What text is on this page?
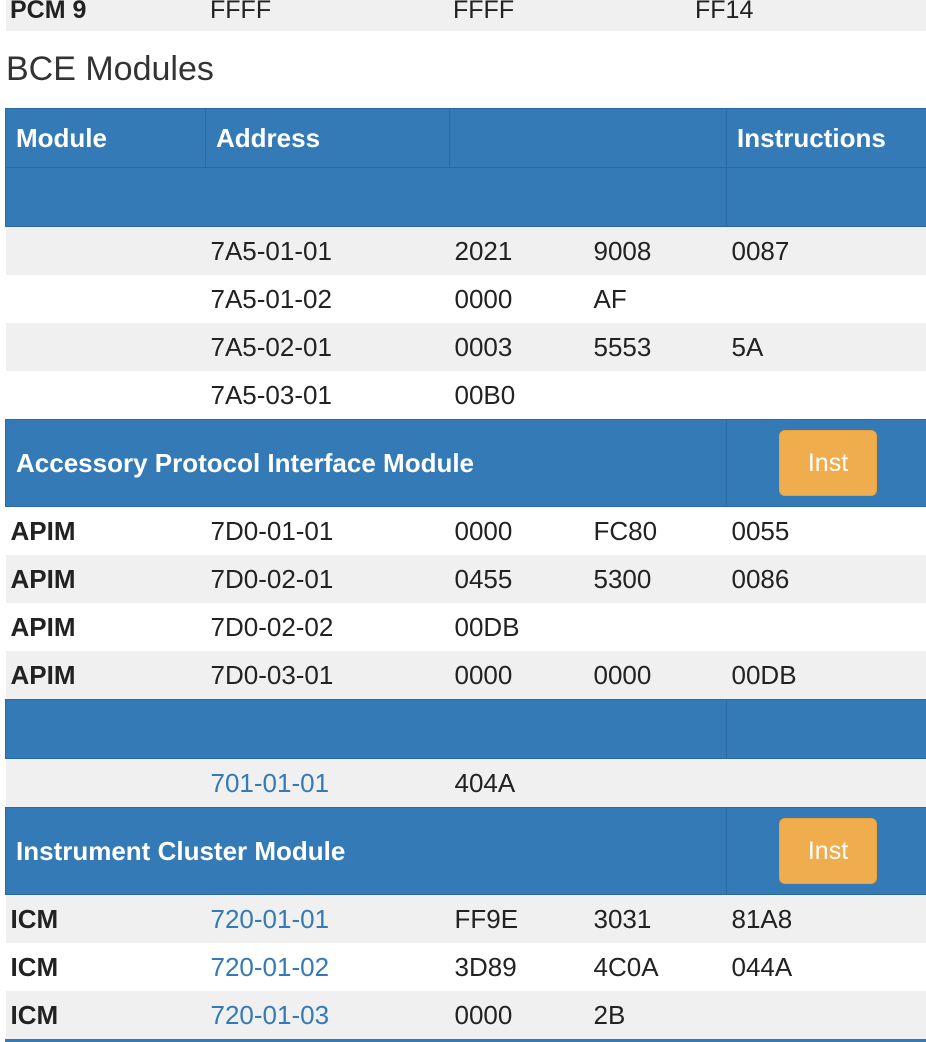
PCM 9	FFFF	FFFF	FF14
BCE Modules
Module	Address			Instructions

	7A5-01-01	2021	9008	0087
	7A5-01-02	0000	AF	
	7A5-02-01	0003	5553	5A
	7A5-03-01	00B0		
Accessory Protocol Interface Module				Inst
APIM	7D0-01-01	0000	FC80	0055
APIM	7D0-02-01	0455	5300	0086
APIM	7D0-02-02	00DB		
APIM	7D0-03-01	0000	0000	00DB

	701-01-01	404A		
Instrument Cluster Module				Inst
ICM	720-01-01	FF9E	3031	81A8
ICM	720-01-02	3D89	4C0A	044A
ICM	720-01-03	0000	2B	
